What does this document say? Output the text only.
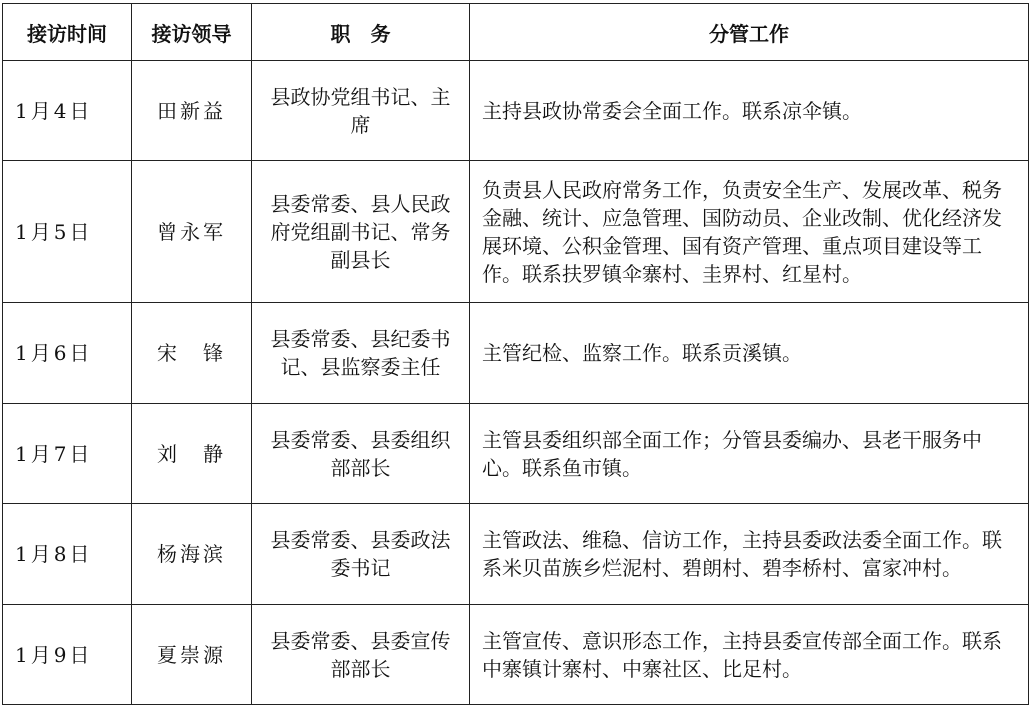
接访时间	接访领导	职　务	分管工作
1月4日	田新益	县政协党组书记、主席	主持县政协常委会全面工作。联系凉伞镇。
1月5日	曾永军	县委常委、县人民政府党组副书记、常务副县长	负责县人民政府常务工作，负责安全生产、发展改革、税务金融、统计、应急管理、国防动员、企业改制、优化经济发展环境、公积金管理、国有资产管理、重点项目建设等工作。联系扶罗镇伞寨村、圭界村、红星村。
1月6日	宋　锋	县委常委、县纪委书记、县监察委主任	主管纪检、监察工作。联系贡溪镇。
1月7日	刘　静	县委常委、县委组织部部长	主管县委组织部全面工作；分管县委编办、县老干服务中心。联系鱼市镇。
1月8日	杨海滨	县委常委、县委政法委书记	主管政法、维稳、信访工作，主持县委政法委全面工作。联系米贝苗族乡烂泥村、碧朗村、碧李桥村、富家冲村。
1月9日	夏崇源	县委常委、县委宣传部部长	主管宣传、意识形态工作，主持县委宣传部全面工作。联系中寨镇计寨村、中寨社区、比足村。
